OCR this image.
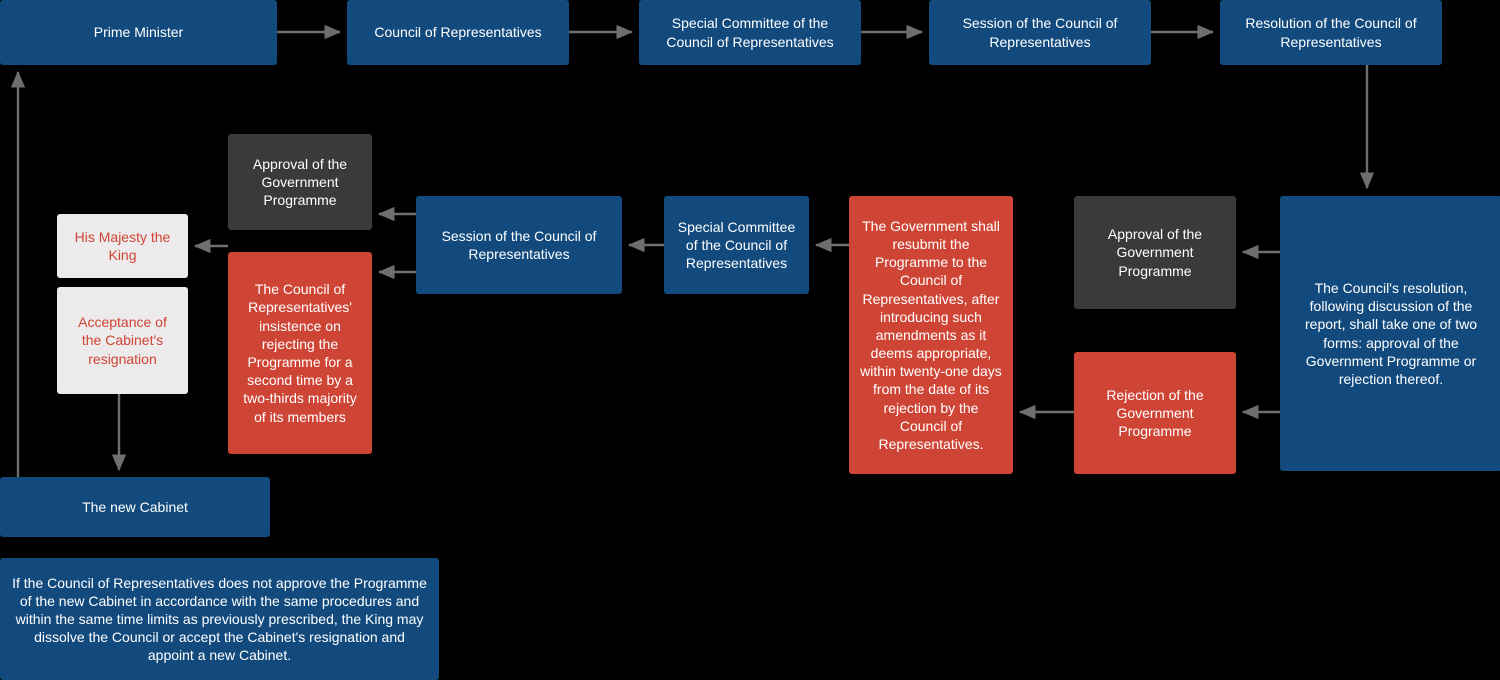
Prime Minister	Council of Representatives
Special Committee of the Council of Representatives
Session of the Council of Representatives
Resolution of the Council of Representatives
The Council's resolution, following discussion of the report, shall take one of two forms: approval of the Government Programme or rejection thereof.
Approval of the Government Programme
Rejection of the Government Programme
The Government shall resubmit the Programme to the Council of Representatives, after introducing such amendments as it deems appropriate, within twenty-one days from the date of its rejection by the Council of Representatives.
Special Committee of the Council of Representatives
Session of the Council of Representatives
Approval of the Government Programme
The Council of Representatives' insistence on rejecting the Programme for a second time by a two-thirds majority of its members
His Majesty the King
Acceptance of the Cabinet's resignation
The new Cabinet
If the Council of Representatives does not approve the Programme of the new Cabinet in accordance with the same procedures and within the same time limits as previously prescribed, the King may dissolve the Council or accept the Cabinet's resignation and appoint a new Cabinet.
